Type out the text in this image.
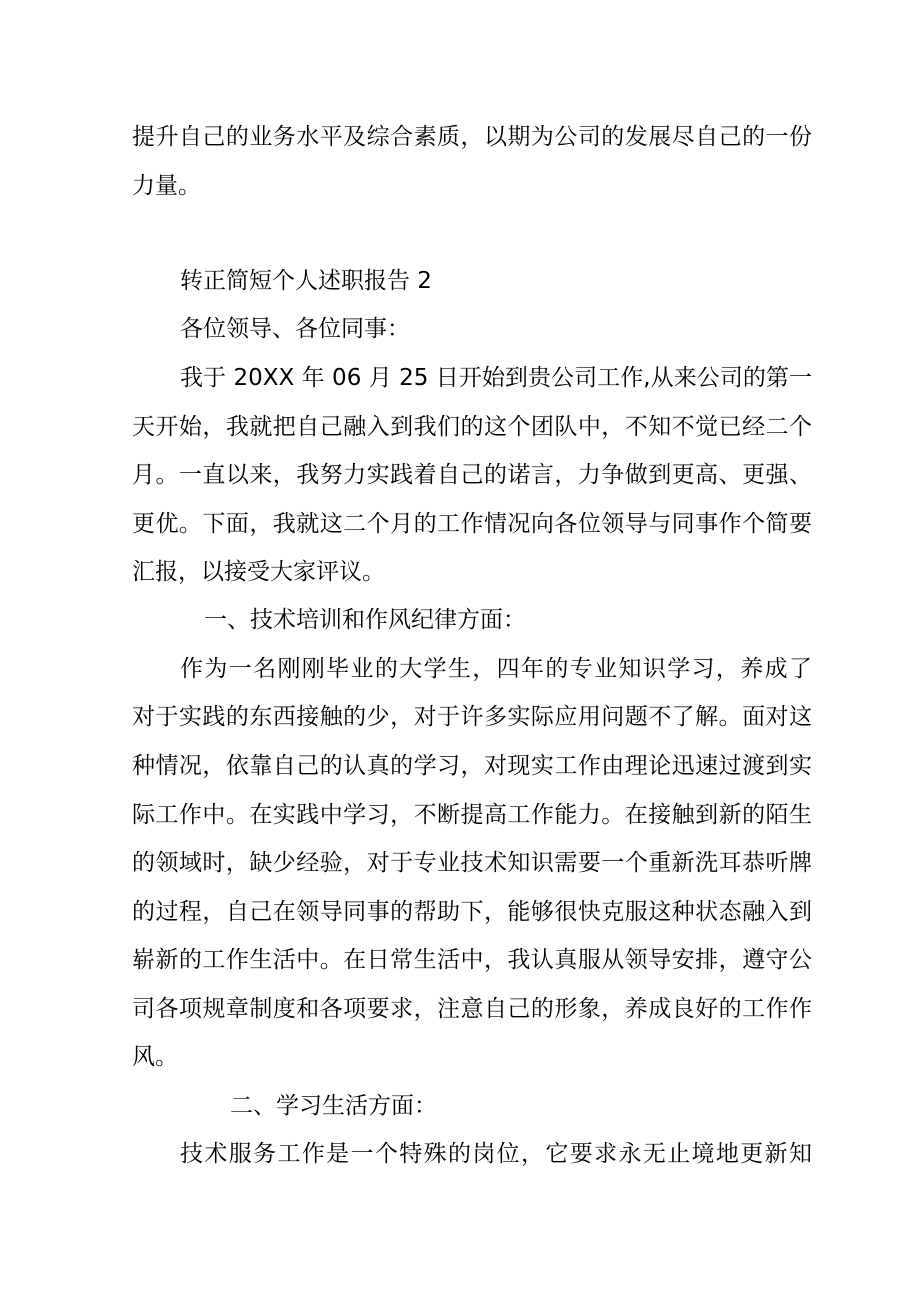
提升自己的业务水平及综合素质，以期为公司的发展尽自己的一份
力量。
转正简短个人述职报告 2
各位领导、各位同事：
我于 20XX 年 06 月 25 日开始到贵公司工作,从来公司的第一
天开始，我就把自己融入到我们的这个团队中，不知不觉已经二个
月。一直以来，我努力实践着自己的诺言，力争做到更高、更强、
更优。下面，我就这二个月的工作情况向各位领导与同事作个简要
汇报，以接受大家评议。
一、技术培训和作风纪律方面：
作为一名刚刚毕业的大学生，四年的专业知识学习，养成了
对于实践的东西接触的少，对于许多实际应用问题不了解。面对这
种情况，依靠自己的认真的学习，对现实工作由理论迅速过渡到实
际工作中。在实践中学习，不断提高工作能力。在接触到新的陌生
的领域时，缺少经验，对于专业技术知识需要一个重新洗耳恭听牌
的过程，自己在领导同事的帮助下，能够很快克服这种状态融入到
崭新的工作生活中。在日常生活中，我认真服从领导安排，遵守公
司各项规章制度和各项要求，注意自己的形象，养成良好的工作作
风。
二、学习生活方面：
技术服务工作是一个特殊的岗位，它要求永无止境地更新知
